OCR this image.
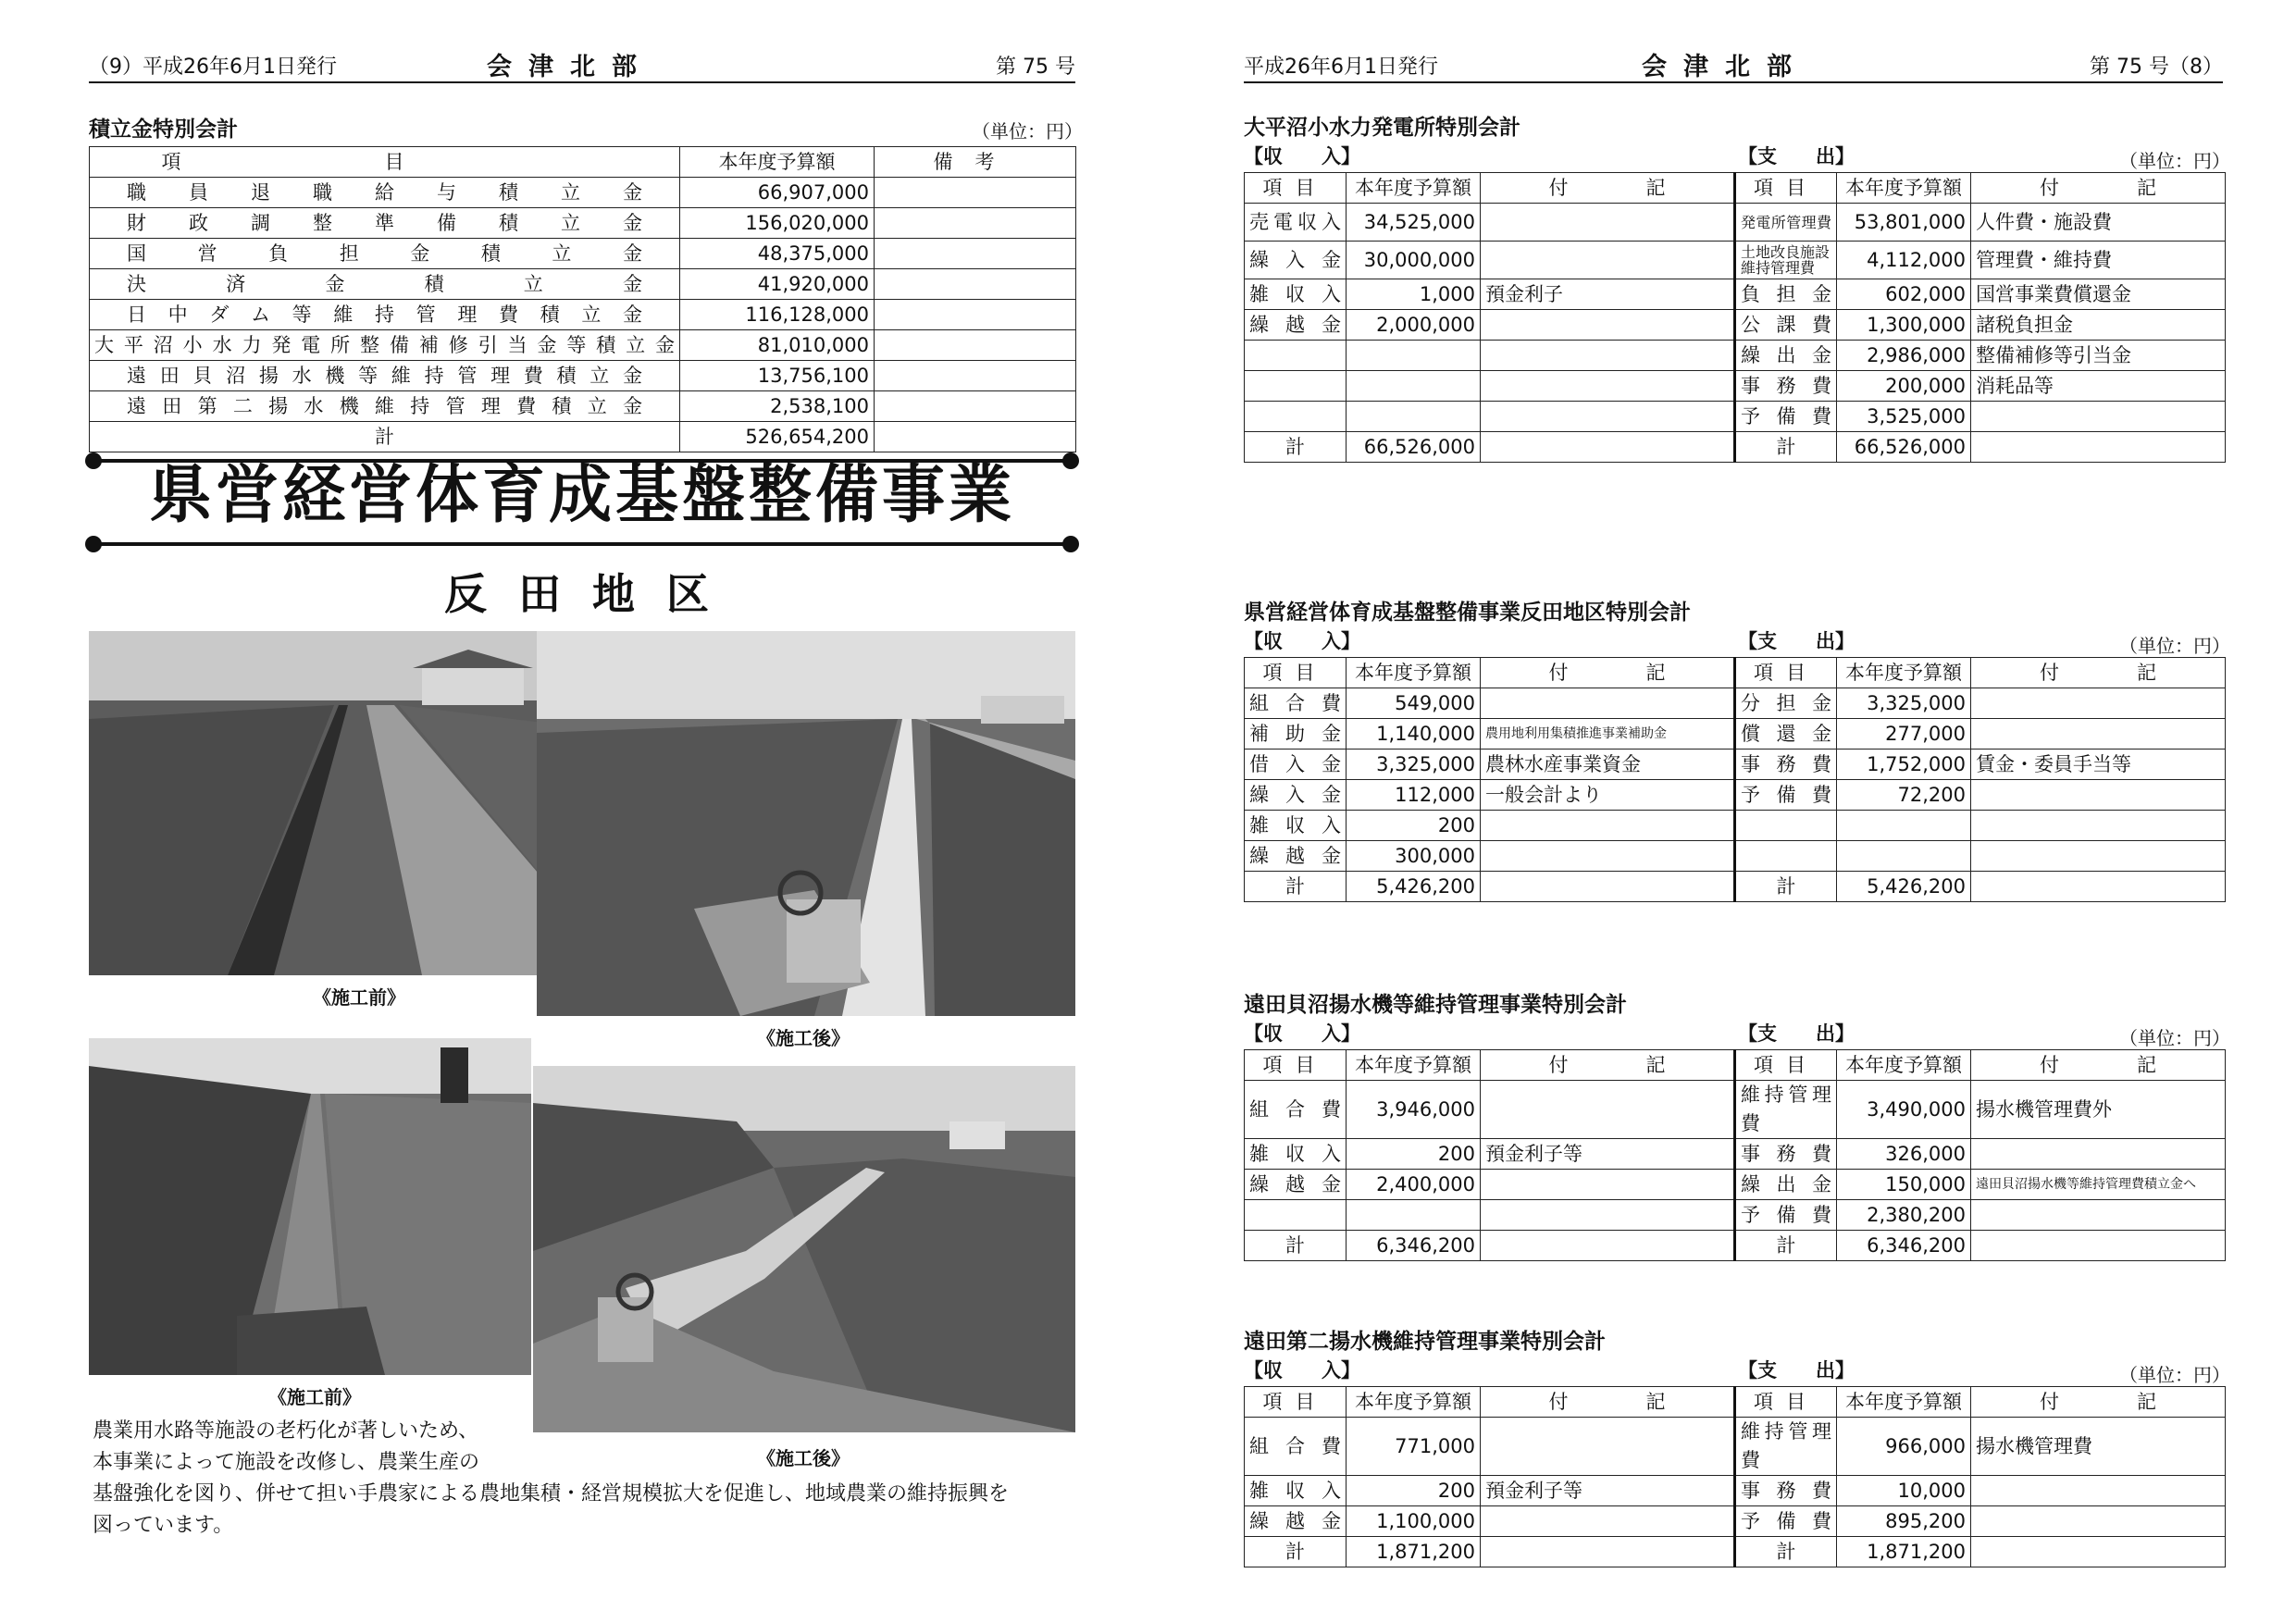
（9）平成26年6月1日発行	会津北部	第 75 号
積立金特別会計	（単位：円）
項目	本年度予算額	備考
職員退職給与積立金	66,907,000	
財政調整準備積立金	156,020,000	
国営負担金積立金	48,375,000	
決済金積立金	41,920,000	
日中ダム等維持管理費積立金	116,128,000	
大平沼小水力発電所整備補修引当金等積立金	81,010,000	
遠田貝沼揚水機等維持管理費積立金	13,756,100	
遠田第二揚水機維持管理費積立金	2,538,100	
計	526,654,200	
県営経営体育成基盤整備事業
反田地区
《施工前》
《施工後》
《施工前》
《施工後》
農業用水路等施設の老朽化が著しいため、
本事業によって施設を改修し、農業生産の
基盤強化を図り、併せて担い手農家による農地集積・経営規模拡大を促進し、地域農業の維持振興を
図っています。
平成26年6月1日発行	会津北部	第 75 号（8）
大平沼小水力発電所特別会計
【収　　入】	【支　　出】	（単位：円）
項目	本年度予算額	付　　　　記	項目	本年度予算額	付　　　　記
売電収入	34,525,000		発電所管理費	53,801,000	人件費・施設費
繰入金	30,000,000		土地改良施設維持管理費	4,112,000	管理費・維持費
雑収入	1,000	預金利子	負担金	602,000	国営事業費償還金
繰越金	2,000,000		公課費	1,300,000	諸税負担金
			繰出金	2,986,000	整備補修等引当金
			事務費	200,000	消耗品等
			予備費	3,525,000	
計	66,526,000		計	66,526,000	
県営経営体育成基盤整備事業反田地区特別会計
【収　　入】	【支　　出】	（単位：円）
項目	本年度予算額	付　　　　記	項目	本年度予算額	付　　　　記
組合費	549,000		分担金	3,325,000	
補助金	1,140,000	農用地利用集積推進事業補助金	償還金	277,000	
借入金	3,325,000	農林水産事業資金	事務費	1,752,000	賃金・委員手当等
繰入金	112,000	一般会計より	予備費	72,200	
雑収入	200				
繰越金	300,000				
計	5,426,200		計	5,426,200	
遠田貝沼揚水機等維持管理事業特別会計
【収　　入】	【支　　出】	（単位：円）
項目	本年度予算額	付　　　　記	項目	本年度予算額	付　　　　記
組合費	3,946,000		維持管理費	3,490,000	揚水機管理費外
雑収入	200	預金利子等	事務費	326,000	
繰越金	2,400,000		繰出金	150,000	遠田貝沼揚水機等維持管理費積立金へ
			予備費	2,380,200	
計	6,346,200		計	6,346,200	
遠田第二揚水機維持管理事業特別会計
【収　　入】	【支　　出】	（単位：円）
項目	本年度予算額	付　　　　記	項目	本年度予算額	付　　　　記
組合費	771,000		維持管理費	966,000	揚水機管理費
雑収入	200	預金利子等	事務費	10,000	
繰越金	1,100,000		予備費	895,200	
計	1,871,200		計	1,871,200	
